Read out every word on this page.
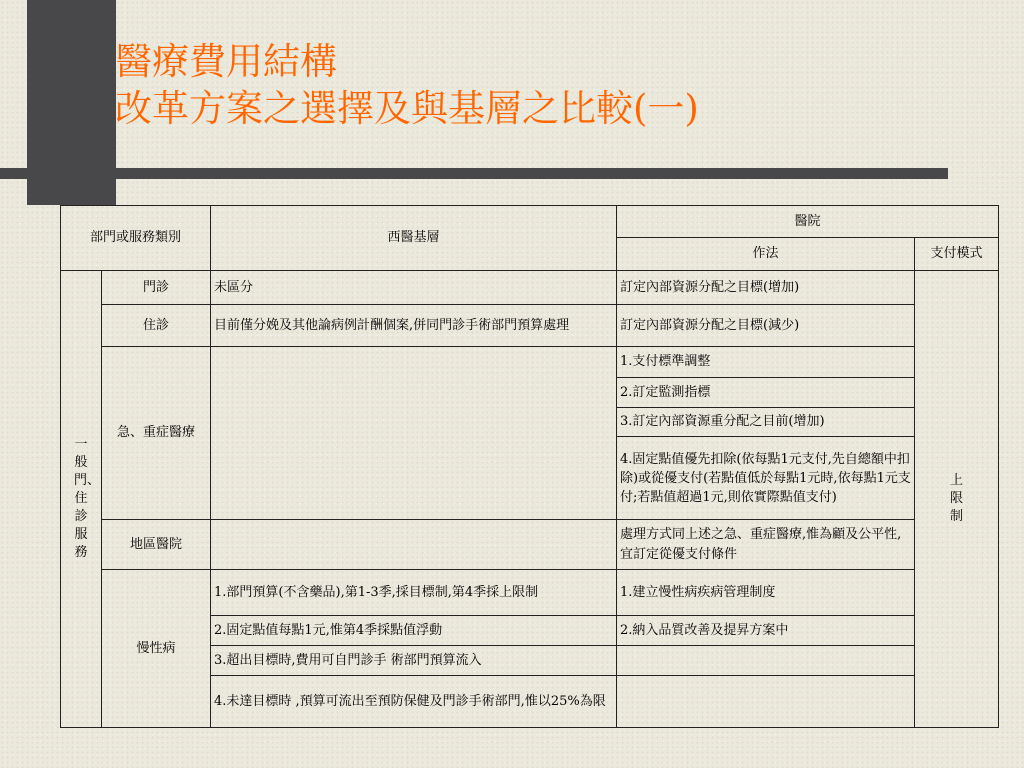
醫療費用結構
改革方案之選擇及與基層之比較(一)
部門或服務類別		西醫基層	醫院	
			作法	支付模式

一般門、住診服務	門診	未區分	訂定內部資源分配之目標(增加)	上限制

	住診	目前僅分娩及其他論病例計酬個案,併同門診手術部門預算處理	訂定內部資源分配之目標(減少)	
	急、重症醫療		1.支付標準調整	
			2.訂定監測指標	
			3.訂定內部資源重分配之目前(增加)	
			4.固定點值優先扣除(依每點1元支付,先自總額中扣除)或從優支付(若點值低於每點1元時,依每點1元支付;若點值超過1元,則依實際點值支付)	
	地區醫院		處理方式同上述之急、重症醫療,惟為顧及公平性,宜訂定從優支付條件	
	慢性病	1.部門預算(不含藥品),第1-3季,採目標制,第4季採上限制	1.建立慢性病疾病管理制度	
		2.固定點值每點1元,惟第4季採點值浮動	2.納入品質改善及提昇方案中	
		3.超出目標時,費用可自門診手 術部門預算流入		
		4.未達目標時 ,預算可流出至預防保健及門診手術部門,惟以25%為限		
